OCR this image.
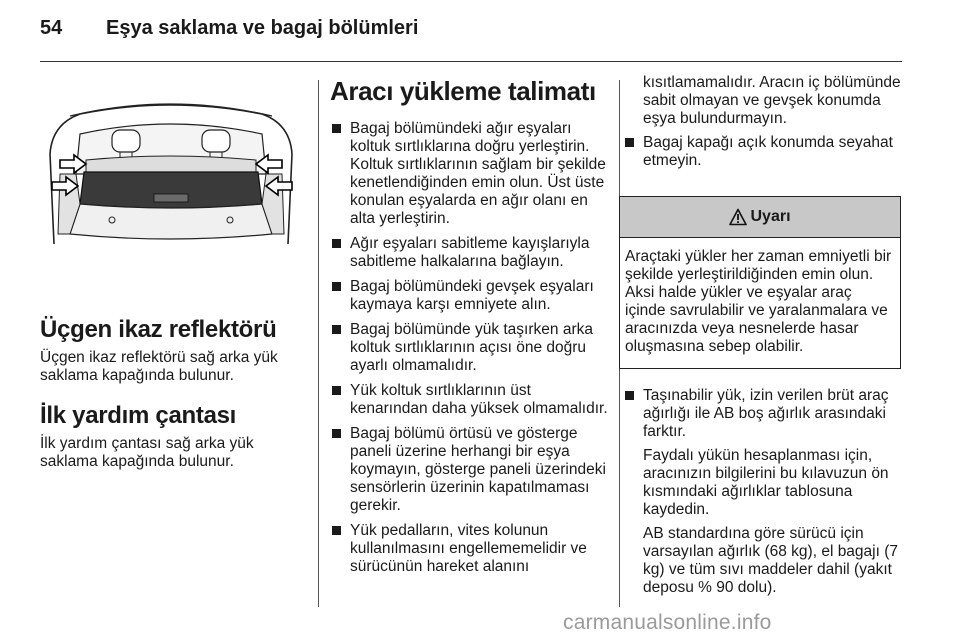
54 Eşya saklama ve bagaj bölümleri
Üçgen ikaz reflektörü

Üçgen ikaz reflektörü sağ arka yük saklama kapağında bulunur.

İlk yardım çantası

İlk yardım çantası sağ arka yük saklama kapağında bulunur.

Aracı yükleme talimatı
Bagaj bölümündeki ağır eşyaları koltuk sırtlıklarına doğru yerleştirin. Koltuk sırtlıklarının sağlam bir şekilde kenetlendiğinden emin olun. Üst üste konulan eşyalarda en ağır olanı en alta yerleştirin.
Ağır eşyaları sabitleme kayışlarıyla sabitleme halkalarına bağlayın.
Bagaj bölümündeki gevşek eşyaları kaymaya karşı emniyete alın.
Bagaj bölümünde yük taşırken arka koltuk sırtlıklarının açısı öne doğru ayarlı olmamalıdır.
Yük koltuk sırtlıklarının üst kenarından daha yüksek olmamalıdır.
Bagaj bölümü örtüsü ve gösterge paneli üzerine herhangi bir eşya koymayın, gösterge paneli üzerindeki sensörlerin üzerinin kapatılmaması gerekir.
Yük pedalların, vites kolunun kullanılmasını engellememelidir ve sürücünün hareket alanını

kısıtlamamalıdır. Aracın iç bölümünde sabit olmayan ve gevşek konumda eşya bulundurmayın.

Bagaj kapağı açık konumda seyahat etmeyin.
Uyarı
Araçtaki yükler her zaman emniyetli bir şekilde yerleştirildiğinden emin olun. Aksi halde yükler ve eşyalar araç içinde savrulabilir ve yaralanmalara ve aracınızda veya nesnelerde hasar oluşmasına sebep olabilir.
Taşınabilir yük, izin verilen brüt araç ağırlığı ile AB boş ağırlık arasındaki farktır.

Faydalı yükün hesaplanması için, aracınızın bilgilerini bu kılavuzun ön kısmındaki ağırlıklar tablosuna kaydedin.

AB standardına göre sürücü için varsayılan ağırlık (68 kg), el bagajı (7 kg) ve tüm sıvı maddeler dahil (yakıt deposu % 90 dolu).

carmanualsonline.info
